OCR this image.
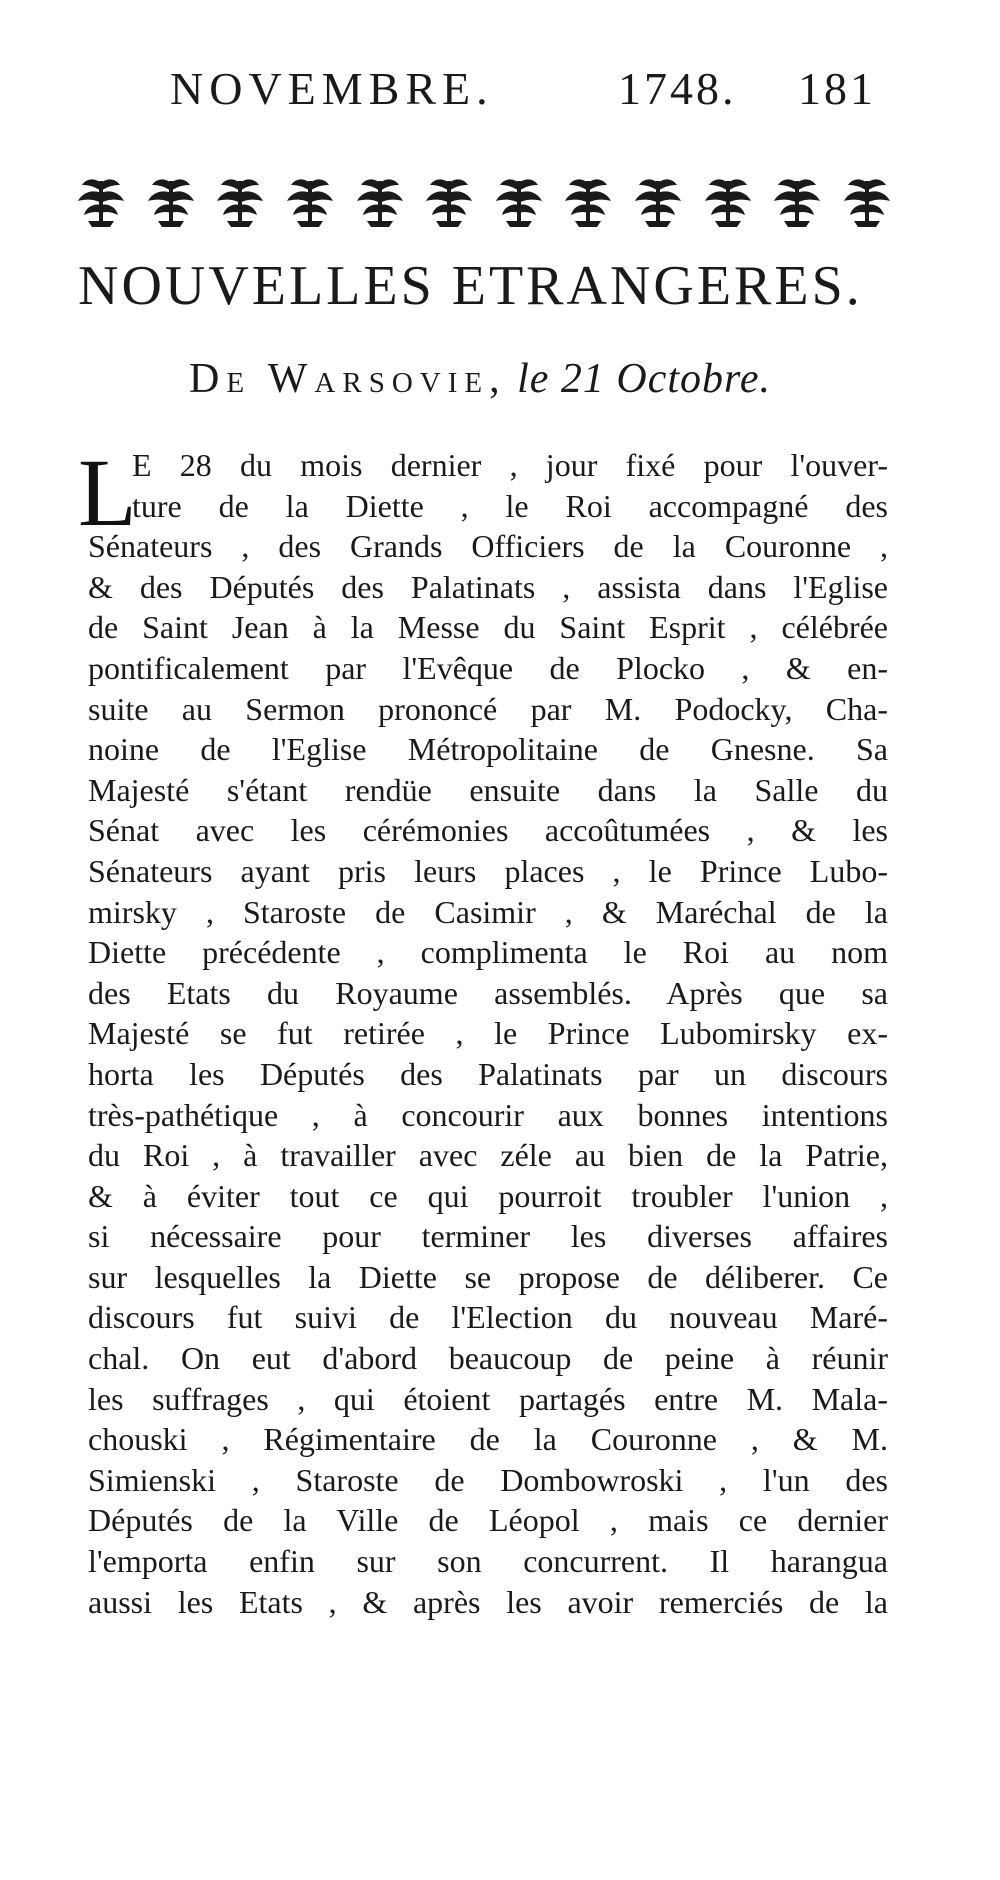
NOVEMBRE.	1748. 181
NOUVELLES ETRANGERES.
De Warsovie, le 21 Octobre.
L
E 28 du mois dernier , jour fixé pour l'ouver-
ture de la Diette , le Roi accompagné des
Sénateurs , des Grands Officiers de la Couronne ,
& des Députés des Palatinats , assista dans l'Eglise
de Saint Jean à la Messe du Saint Esprit , célébrée
pontificalement par l'Evêque de Plocko , & en-
suite au Sermon prononcé par M. Podocky, Cha-
noine de l'Eglise Métropolitaine de Gnesne. Sa
Majesté s'étant rendüe ensuite dans la Salle du
Sénat avec les cérémonies accoûtumées , & les
Sénateurs ayant pris leurs places , le Prince Lubo-
mirsky , Staroste de Casimir , & Maréchal de la
Diette précédente , complimenta le Roi au nom
des Etats du Royaume assemblés. Après que sa
Majesté se fut retirée , le Prince Lubomirsky ex-
horta les Députés des Palatinats par un discours
très-pathétique , à concourir aux bonnes intentions
du Roi , à travailler avec zéle au bien de la Patrie,
& à éviter tout ce qui pourroit troubler l'union ,
si nécessaire pour terminer les diverses affaires
sur lesquelles la Diette se propose de déliberer. Ce
discours fut suivi de l'Election du nouveau Maré-
chal. On eut d'abord beaucoup de peine à réunir
les suffrages , qui étoient partagés entre M. Mala-
chouski , Régimentaire de la Couronne , & M.
Simienski , Staroste de Dombowroski , l'un des
Députés de la Ville de Léopol , mais ce dernier
l'emporta enfin sur son concurrent. Il harangua
aussi les Etats , & après les avoir remerciés de la
